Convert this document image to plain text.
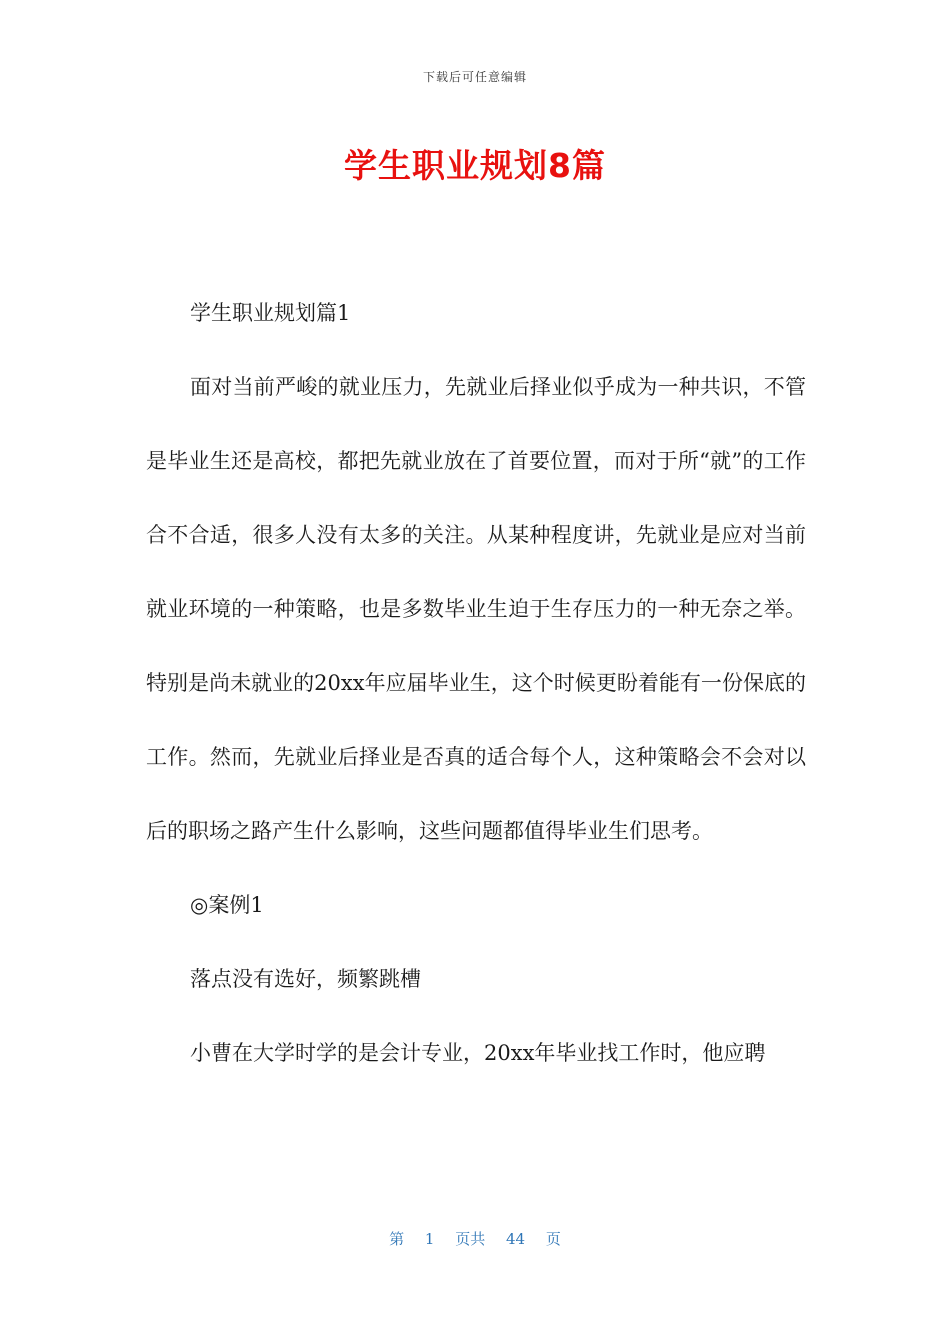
下载后可任意编辑
学生职业规划8篇

学生职业规划篇1

面对当前严峻的就业压力，先就业后择业似乎成为一种共识，不管是毕业生还是高校，都把先就业放在了首要位置，而对于所“就”的工作合不合适，很多人没有太多的关注。从某种程度讲，先就业是应对当前就业环境的一种策略，也是多数毕业生迫于生存压力的一种无奈之举。特别是尚未就业的20xx年应届毕业生，这个时候更盼着能有一份保底的工作。然而，先就业后择业是否真的适合每个人，这种策略会不会对以后的职场之路产生什么影响，这些问题都值得毕业生们思考。

◎案例1

落点没有选好，频繁跳槽

小曹在大学时学的是会计专业，20xx年毕业找工作时，他应聘

第 1 页共 44 页
